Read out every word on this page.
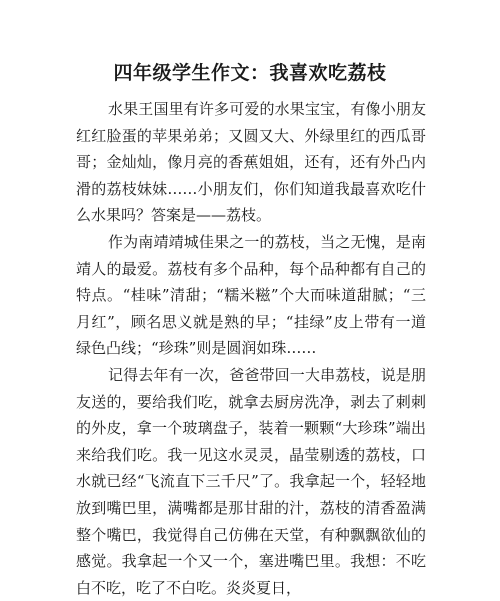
四年级学生作文：我喜欢吃荔枝

水果王国里有许多可爱的水果宝宝，有像小朋友红红脸蛋的苹果弟弟；又圆又大、外绿里红的西瓜哥哥；金灿灿，像月亮的香蕉姐姐，还有，还有外凸内滑的荔枝妹妹……小朋友们，你们知道我最喜欢吃什么水果吗？答案是——荔枝。

作为南靖靖城佳果之一的荔枝，当之无愧，是南靖人的最爱。荔枝有多个品种，每个品种都有自己的特点。“桂味”清甜；“糯米糍”个大而味道甜腻；“三月红”，顾名思义就是熟的早；“挂绿”皮上带有一道绿色凸线；“珍珠”则是圆润如珠……

记得去年有一次，爸爸带回一大串荔枝，说是朋友送的，要给我们吃，就拿去厨房洗净，剥去了刺刺的外皮，拿一个玻璃盘子，装着一颗颗“大珍珠”端出来给我们吃。我一见这水灵灵，晶莹剔透的荔枝，口水就已经“飞流直下三千尺”了。我拿起一个，轻轻地放到嘴巴里，满嘴都是那甘甜的汁，荔枝的清香盈满整个嘴巴，我觉得自己仿佛在天堂，有种飘飘欲仙的感觉。我拿起一个又一个，塞进嘴巴里。我想：不吃白不吃，吃了不白吃。炎炎夏日，
